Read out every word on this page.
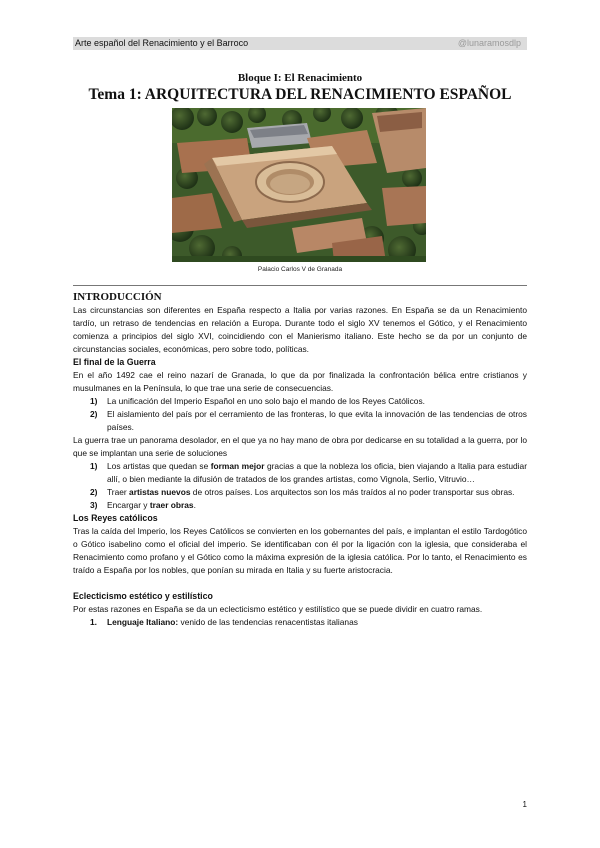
Arte español del Renacimiento y el Barroco	@lunaramosdlp
Bloque I: El Renacimiento
Tema 1: ARQUITECTURA DEL RENACIMIENTO ESPAÑOL
Palacio Carlos V de Granada
INTRODUCCIÓN

Las circunstancias son diferentes en España respecto a Italia por varias razones. En España se da un Renacimiento tardío, un retraso de tendencias en relación a Europa. Durante todo el siglo XV tenemos el Gótico, y el Renacimiento comienza a principios del siglo XVI, coincidiendo con el Manierismo italiano. Este hecho se da por un conjunto de circunstancias sociales, económicas, pero sobre todo, políticas.

El final de la Guerra

En el año 1492 cae el reino nazarí de Granada, lo que da por finalizada la confrontación bélica entre cristianos y musulmanes en la Península, lo que trae una serie de consecuencias.

1) La unificación del Imperio Español en uno solo bajo el mando de los Reyes Católicos.
2) El aislamiento del país por el cerramiento de las fronteras, lo que evita la innovación de las tendencias de otros países.

La guerra trae un panorama desolador, en el que ya no hay mano de obra por dedicarse en su totalidad a la guerra, por lo que se implantan una serie de soluciones

1) Los artistas que quedan se forman mejor gracias a que la nobleza los oficia, bien viajando a Italia para estudiar allí, o bien mediante la difusión de tratados de los grandes artistas, como Vignola, Serlio, Vitruvio…
2) Traer artistas nuevos de otros países. Los arquitectos son los más traídos al no poder transportar sus obras.
3) Encargar y traer obras.
Los Reyes católicos

Tras la caída del Imperio, los Reyes Católicos se convierten en los gobernantes del país, e implantan el estilo Tardogótico o Gótico isabelino como el oficial del imperio. Se identificaban con él por la ligación con la iglesia, que consideraba el Renacimiento como profano y el Gótico como la máxima expresión de la iglesia católica. Por lo tanto, el Renacimiento es traído a España por los nobles, que ponían su mirada en Italia y su fuerte aristocracia.

Eclecticismo estético y estilístico

Por estas razones en España se da un eclecticismo estético y estilístico que se puede dividir en cuatro ramas.

1. Lenguaje Italiano: venido de las tendencias renacentistas italianas
1
